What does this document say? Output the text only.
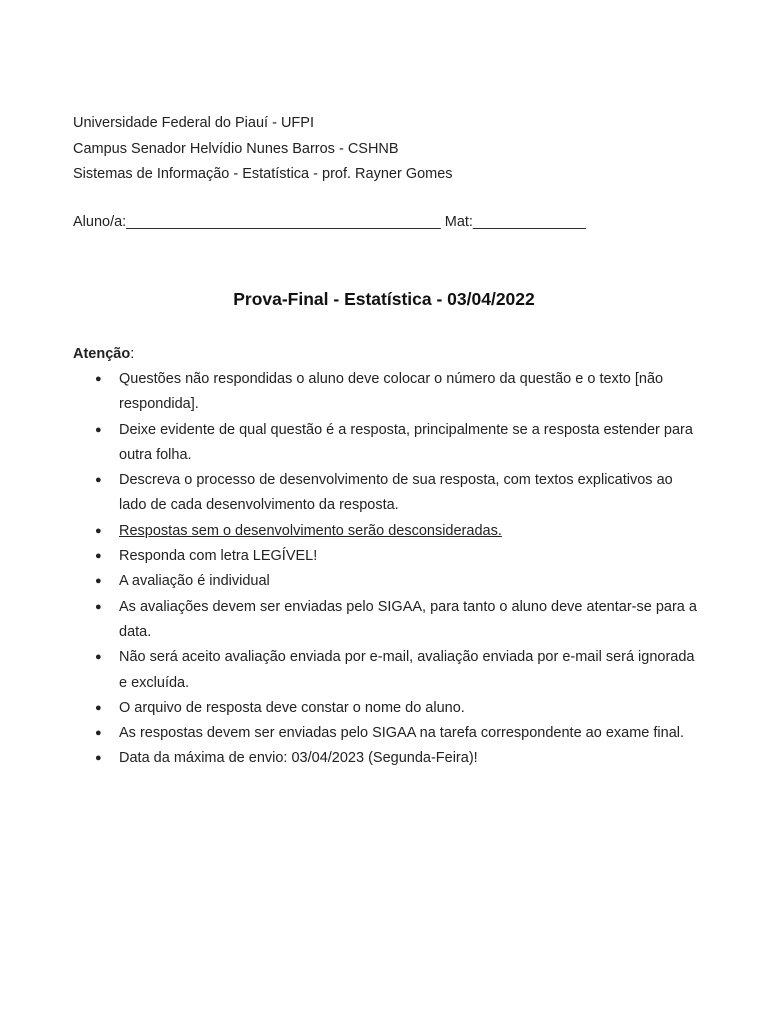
Universidade Federal do Piauí - UFPI
Campus Senador Helvídio Nunes Barros - CSHNB
Sistemas de Informação - Estatística - prof. Rayner Gomes
Aluno/a:_______________________________________ Mat:______________
Prova-Final - Estatística - 03/04/2022
Atenção:
● Questões não respondidas o aluno deve colocar o número da questão e o texto [não respondida].
● Deixe evidente de qual questão é a resposta, principalmente se a resposta estender para outra folha.
● Descreva o processo de desenvolvimento de sua resposta, com textos explicativos ao lado de cada desenvolvimento da resposta.
● Respostas sem o desenvolvimento serão desconsideradas.
● Responda com letra LEGÍVEL!
● A avaliação é individual
● As avaliações devem ser enviadas pelo SIGAA, para tanto o aluno deve atentar-se para a data.
● Não será aceito avaliação enviada por e-mail, avaliação enviada por e-mail será ignorada e excluída.
● O arquivo de resposta deve constar o nome do aluno.
● As respostas devem ser enviadas pelo SIGAA na tarefa correspondente ao exame final.
● Data da máxima de envio: 03/04/2023 (Segunda-Feira)!
